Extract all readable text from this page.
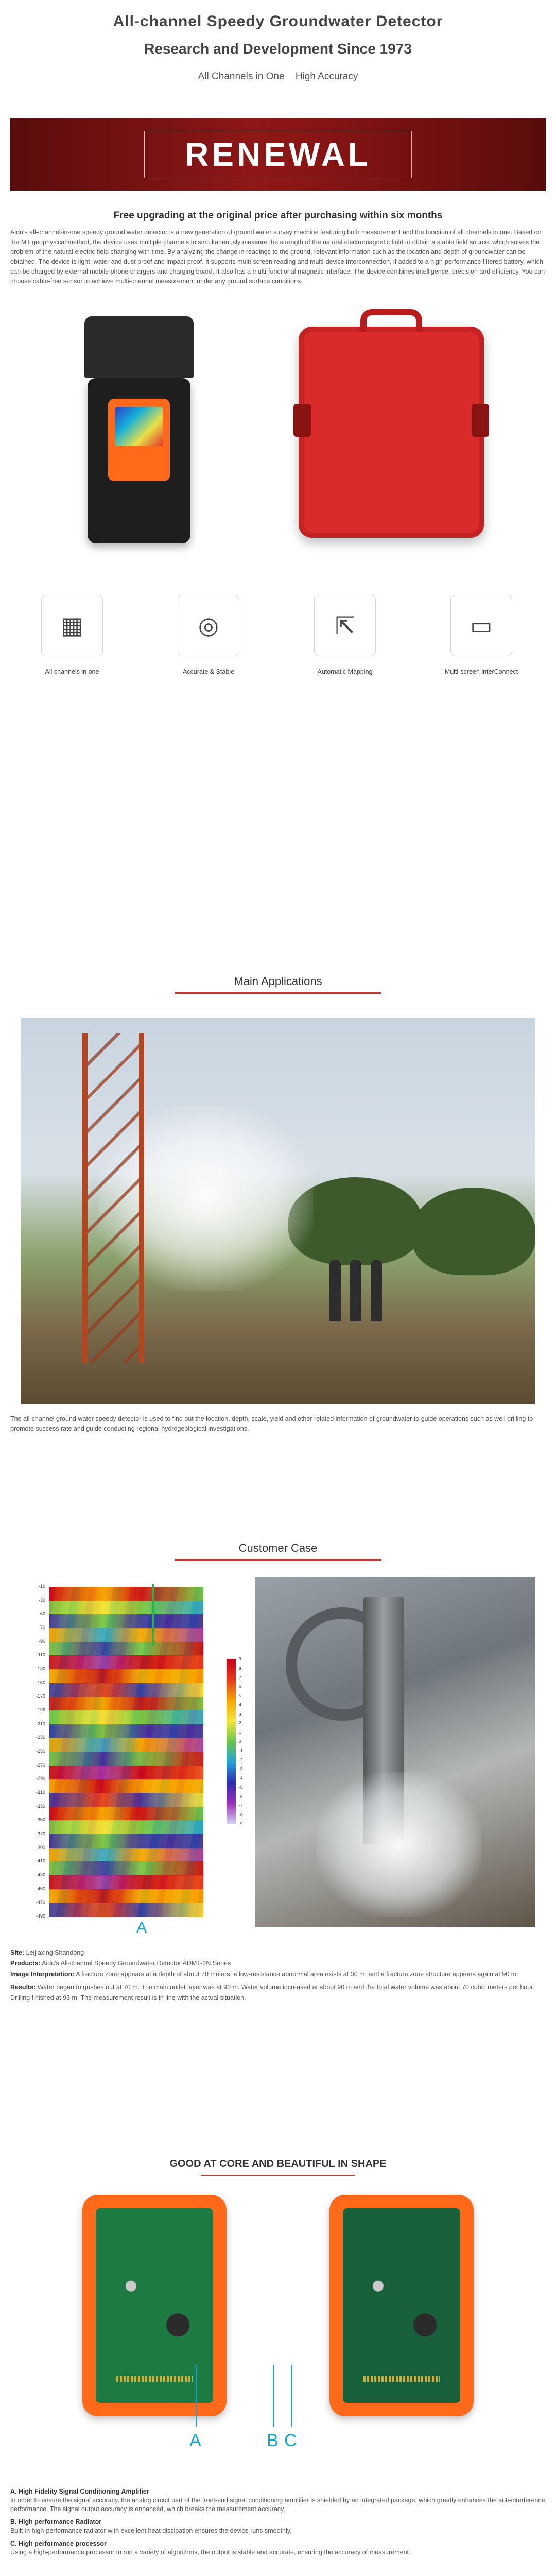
All-channel Speedy Groundwater Detector
Research and Development Since 1973
All Channels in One High Accuracy
RENEWAL
Free upgrading at the original price after purchasing within six months
Aidu's all-channel-in-one speedy ground water detector is a new generation of ground water survey machine featuring both measurement and the function of all channels in one. Based on the MT geophysical method, the device uses multiple channels to simultaneously measure the strength of the natural electromagnetic field to obtain a stable field source, which solves the problem of the natural electric field changing with time. By analyzing the change in readings to the ground, relevant information such as the location and depth of groundwater can be obtained. The device is light, water and dust proof and impact proof. It supports multi-screen reading and multi-device interconnection, if added to a high-performance filtered battery, which can be charged by external mobile phone chargers and charging board. It also has a multi-functional magnetic interface. The device combines intelligence, precision and efficiency. You can choose cable-free sensor to achieve multi-channel measurement under any ground surface conditions.
▦
All channels in one
◎
Accurate & Stable
⇱
Automatic Mapping
▭
Multi-screen interConnect
Main Applications
The all-channel ground water speedy detector is used to find out the location, depth, scale, yield and other related information of groundwater to guide operations such as well drilling to promote success rate and guide conducting regional hydrogeological investigations.
Customer Case
A
-10
-30
-50
-70
-90
-110
-130
-150
-170
-190
-210
-230
-250
-270
-290
-310
-330
-350
-370
-390
-410
-430
-450
-470
-490
9
8
7
6
5
4
3
2
1
0
-1
-2
-3
-4
-5
-6
-7
-8
-9
Site: Leijiaxing Shandong
Products: Aidu's All-channel Speedy Groundwater Detector ADMT-2N Series
Image Interpretation: A fracture zone appears at a depth of about 70 meters, a low-resistance abnormal area exists at 30 m, and a fracture zone structure appears again at 90 m.
Results: Water began to gushes out at 70 m. The main outlet layer was at 90 m. Water volume increased at about 90 m and the total water volume was about 70 cubic meters per hour. Drilling finished at 93 m. The measurement result is in line with the actual situation.
GOOD AT CORE AND BEAUTIFUL IN SHAPE
A	B C
A. High Fidelity Signal Conditioning Amplifier
In order to ensure the signal accuracy, the analog circuit part of the front-end signal conditioning amplifier is shielded by an integrated package, which greatly enhances the anti-interference performance. The signal output accuracy is enhanced, which breaks the measurement accuracy.
B. High performance Radiator
Built-in high-performance radiator with excellent heat dissipation ensures the device runs smoothly.
C. High performance processor
Using a high-performance processor to run a variety of algorithms, the output is stable and accurate, ensuring the accuracy of measurement.
